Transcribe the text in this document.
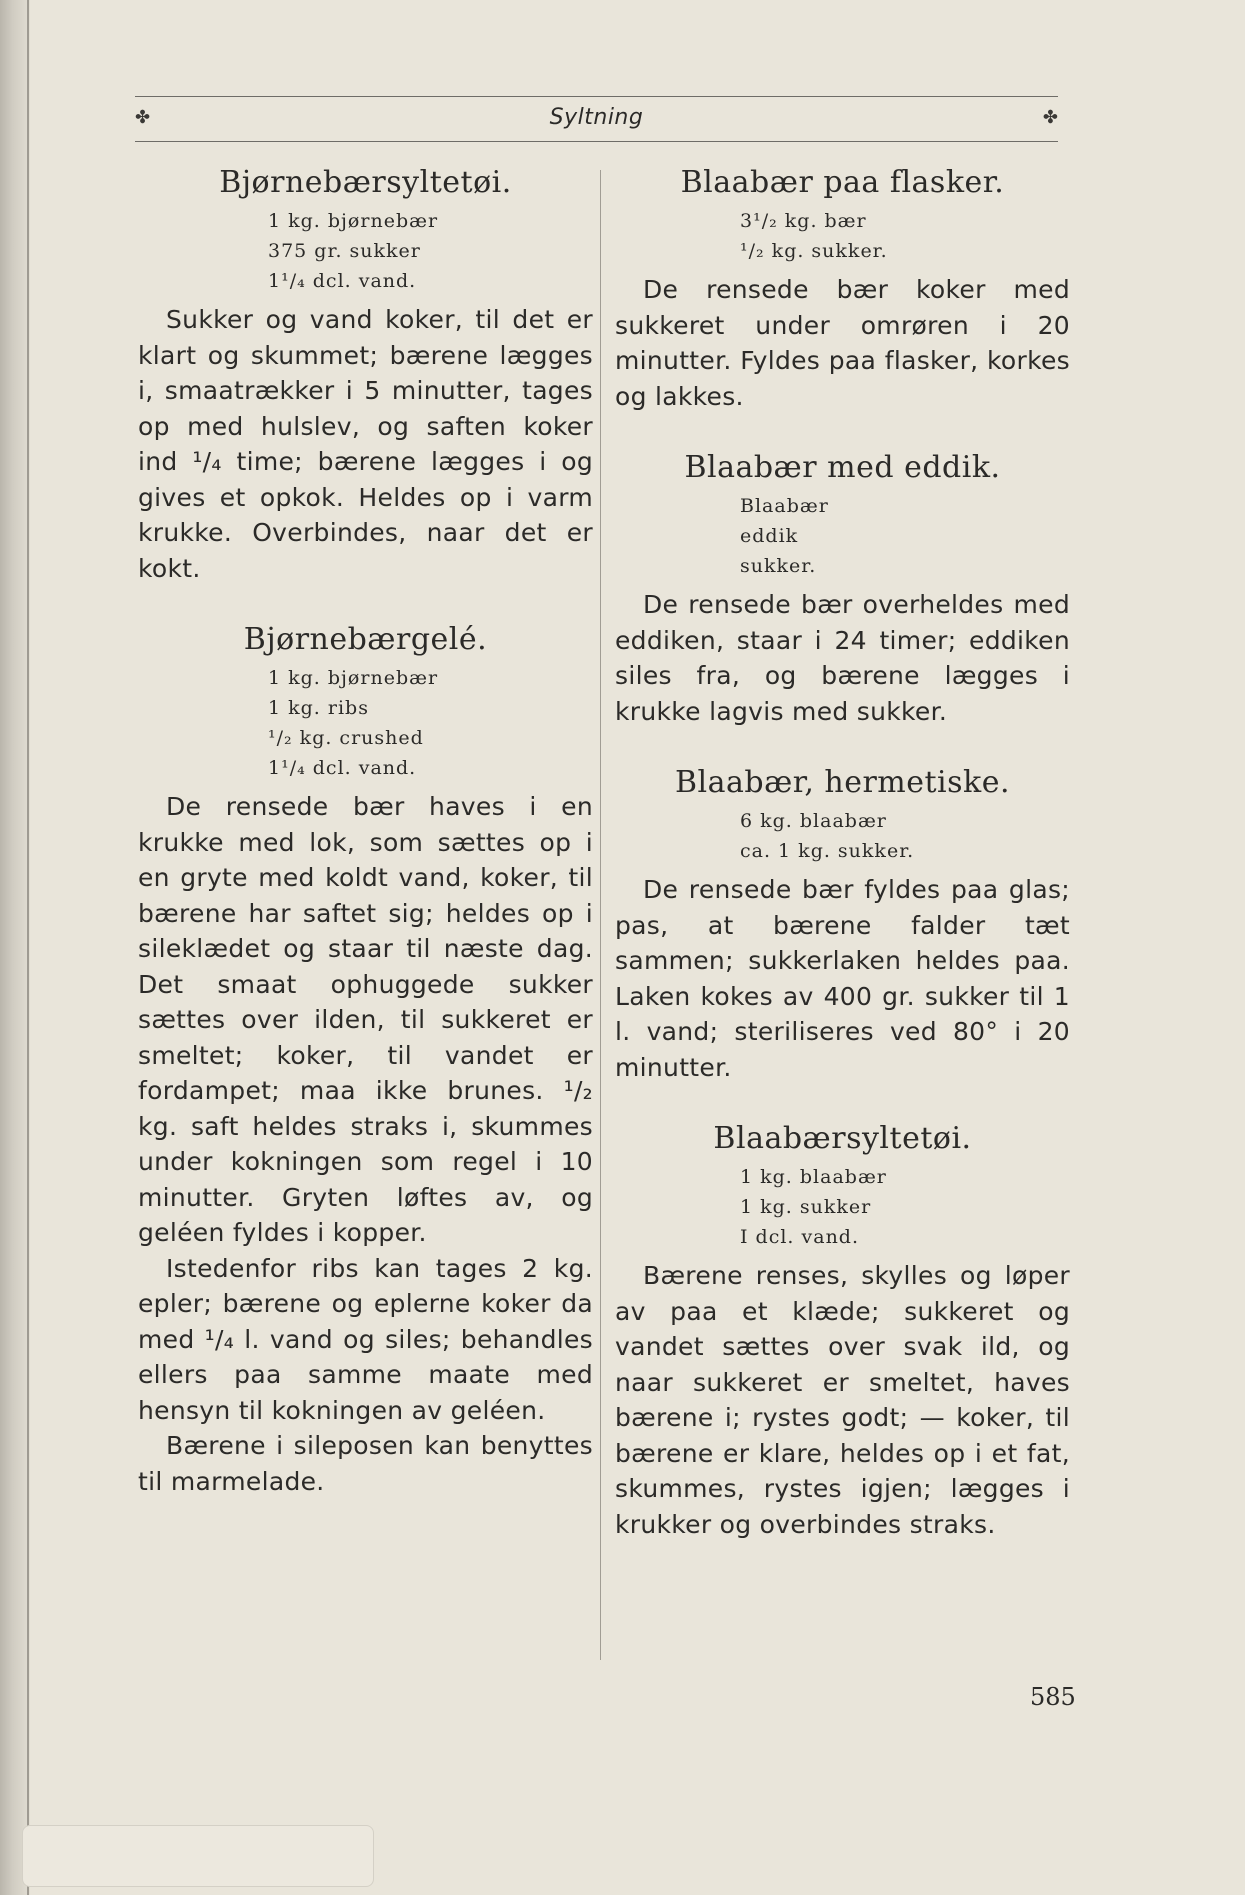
✤	Syltning	✤
Bjørnebærsyltetøi.
1 kg. bjørnebær
375 gr. sukker
1¹/₄ dcl. vand.

Sukker og vand koker, til det er klart og skummet; bærene lægges i, smaatrækker i 5 minutter, tages op med hulslev, og saften koker ind ¹/₄ time; bærene lægges i og gives et opkok. Heldes op i varm krukke. Overbindes, naar det er kokt.

Bjørnebærgelé.
1 kg. bjørnebær
1 kg. ribs
¹/₂ kg. crushed
1¹/₄ dcl. vand.

De rensede bær haves i en krukke med lok, som sættes op i en gryte med koldt vand, koker, til bærene har saftet sig; heldes op i sileklædet og staar til næste dag. Det smaat ophuggede sukker sættes over ilden, til sukkeret er smeltet; koker, til vandet er fordampet; maa ikke brunes. ¹/₂ kg. saft heldes straks i, skummes under kokningen som regel i 10 minutter. Gryten løftes av, og geléen fyldes i kopper.

Istedenfor ribs kan tages 2 kg. epler; bærene og eplerne koker da med ¹/₄ l. vand og siles; behandles ellers paa samme maate med hensyn til kokningen av geléen.

Bærene i sileposen kan benyttes til marmelade.

Blaabær paa flasker.
3¹/₂ kg. bær
¹/₂ kg. sukker.

De rensede bær koker med sukkeret under omrøren i 20 minutter. Fyldes paa flasker, korkes og lakkes.

Blaabær med eddik.
Blaabær
eddik
sukker.

De rensede bær overheldes med eddiken, staar i 24 timer; eddiken siles fra, og bærene lægges i krukke lagvis med sukker.

Blaabær, hermetiske.
6 kg. blaabær
ca. 1 kg. sukker.

De rensede bær fyldes paa glas; pas, at bærene falder tæt sammen; sukkerlaken heldes paa. Laken kokes av 400 gr. sukker til 1 l. vand; steriliseres ved 80° i 20 minutter.

Blaabærsyltetøi.
1 kg. blaabær
1 kg. sukker
I dcl. vand.

Bærene renses, skylles og løper av paa et klæde; sukkeret og vandet sættes over svak ild, og naar sukkeret er smeltet, haves bærene i; rystes godt; — koker, til bærene er klare, heldes op i et fat, skummes, rystes igjen; lægges i krukker og overbindes straks.

585
